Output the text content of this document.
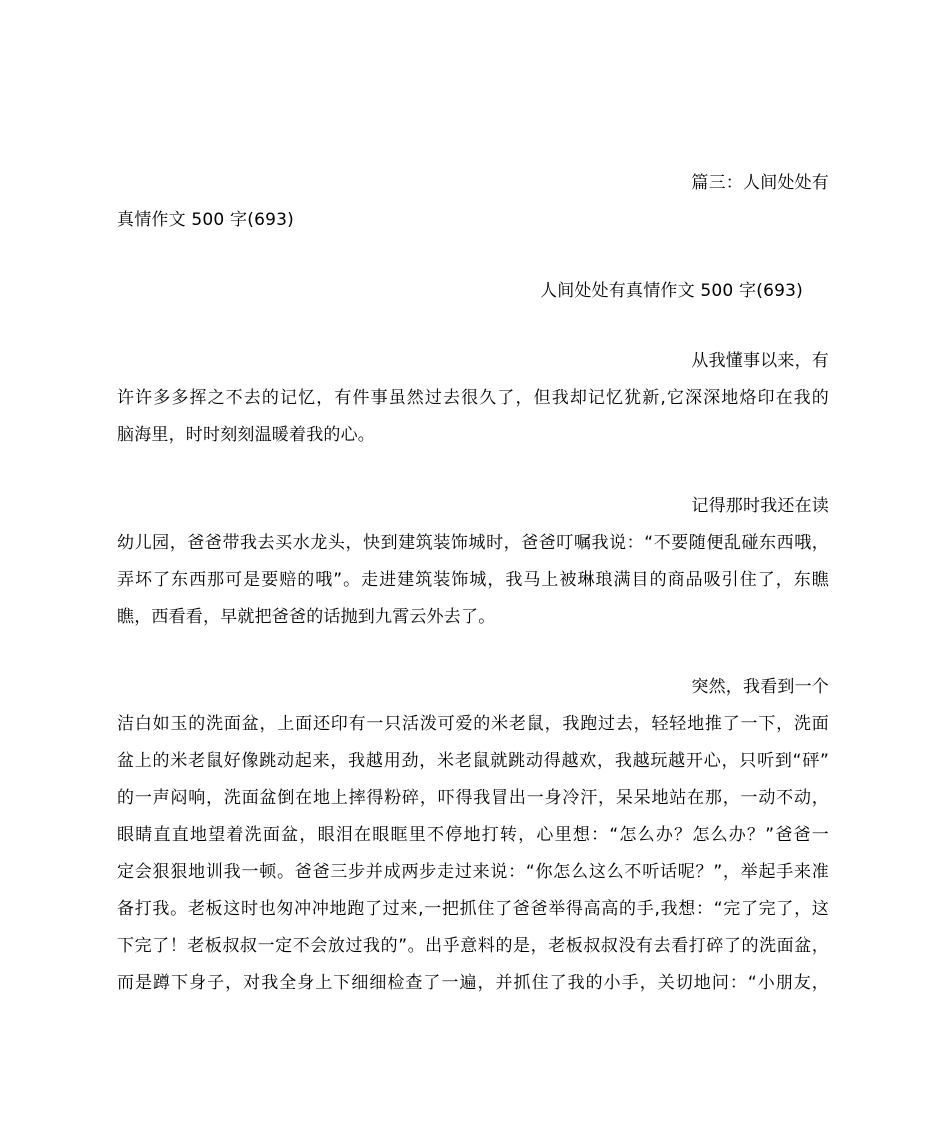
篇三：人间处处有
真情作文 500 字(693)
人间处处有真情作文 500 字(693)
从我懂事以来，有
许许多多挥之不去的记忆，有件事虽然过去很久了，但我却记忆犹新,它深深地烙印在我的
脑海里，时时刻刻温暖着我的心。
记得那时我还在读
幼儿园，爸爸带我去买水龙头，快到建筑装饰城时，爸爸叮嘱我说：“不要随便乱碰东西哦，
弄坏了东西那可是要赔的哦”。走进建筑装饰城，我马上被琳琅满目的商品吸引住了，东瞧
瞧，西看看，早就把爸爸的话抛到九霄云外去了。
突然，我看到一个
洁白如玉的洗面盆，上面还印有一只活泼可爱的米老鼠，我跑过去，轻轻地推了一下，洗面
盆上的米老鼠好像跳动起来，我越用劲，米老鼠就跳动得越欢，我越玩越开心，只听到“砰”
的一声闷响，洗面盆倒在地上摔得粉碎，吓得我冒出一身冷汗，呆呆地站在那，一动不动，
眼睛直直地望着洗面盆，眼泪在眼眶里不停地打转，心里想：“怎么办？怎么办？”爸爸一
定会狠狠地训我一顿。爸爸三步并成两步走过来说：“你怎么这么不听话呢？”，举起手来准
备打我。老板这时也匆冲冲地跑了过来,一把抓住了爸爸举得高高的手,我想：“完了完了，这
下完了！老板叔叔一定不会放过我的”。出乎意料的是，老板叔叔没有去看打碎了的洗面盆，
而是蹲下身子，对我全身上下细细检查了一遍，并抓住了我的小手，关切地问：“小朋友，
